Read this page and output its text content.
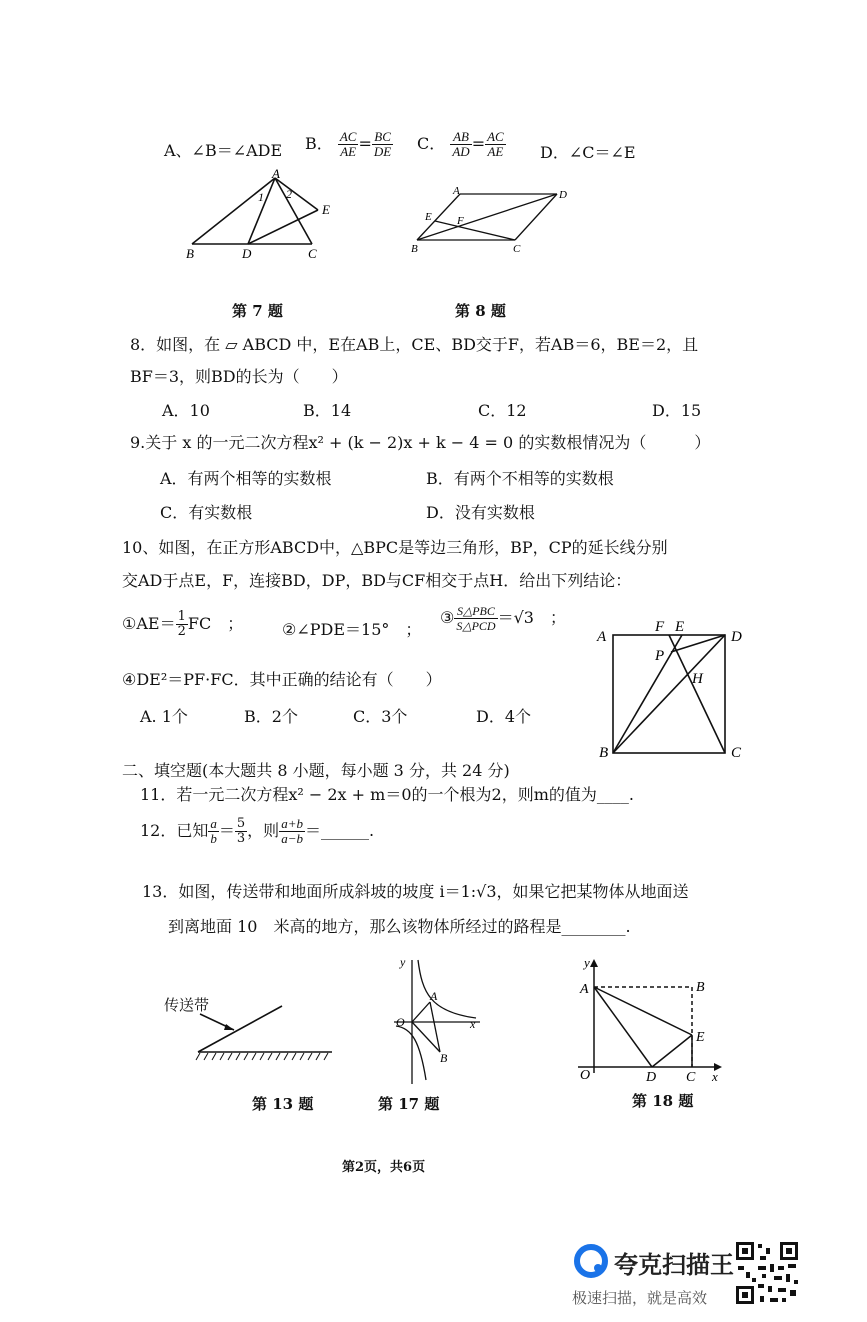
A、∠B＝∠ADE B． $\frac{AC}{AE} = \frac{BC}{DE}$ C． $\frac{AB}{AD} = \frac{AC}{AE}$ D．∠C＝∠E
A
B	D	C
E
1 2	A	D
E F
B	C
第 7 题	第 8 题
8．如图，在 ▱ ABCD 中，E在AB上，CE、BD交于F，若AB＝6，BE＝2，且
BF＝3，则BD的长为（　　）
A．10	B．14	C．12	D．15
9.关于 x 的一元二次方程x² + (k − 2)x + k − 4 = 0 的实数根情况为（　　　）
A．有两个相等的实数根	B．有两个不相等的实数根
C．有实数根	D．没有实数根
10、如图，在正方形ABCD中，△BPC是等边三角形，BP，CP的延长线分别
交AD于点E，F，连接BD，DP，BD与CF相交于点H．给出下列结论：
①AE＝ $\frac{1}{2}$ FC　； ②∠PDE＝15°　；
③ $\frac{\text{S△PBC}}{\text{S△PCD}} =√3$　；
④DE²＝PF·FC．其中正确的结论有（　　）
A. 1个	B．2个	C．3个	D．4个
A
F E
D
P
H
B	C
二、填空题(本大题共 8 小题，每小题 3 分，共 24 分)
11．若一元二次方程x² − 2x + m＝0的一个根为2，则m的值为____.
12．已知 $\frac{a}{b} = \frac{5}{3}$ ，则 $\frac{a+b}{a-b}$ ＝______.
13．如图，传送带和地面所成斜坡的坡度 i＝1:√3，如果它把某物体从地面送
到离地面 10　米高的地方，那么该物体所经过的路程是________.
传送带
y
x
O
A
B
y
x
O
A	B
E
D C
第 13 题	第 17 题	第 18 题
第2页，共6页
夸克扫描王
极速扫描，就是高效
